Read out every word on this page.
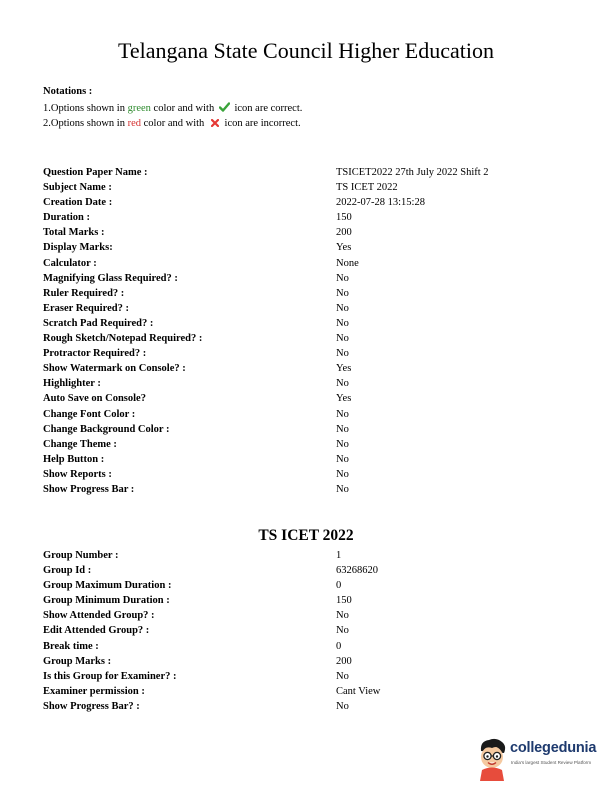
Telangana State Council Higher Education
Notations :
1.Options shown in green color and with  icon are correct.
2.Options shown in red color and with  icon are incorrect.
Question Paper Name :	TSICET2022 27th July 2022 Shift 2
Subject Name :	TS ICET 2022
Creation Date :	2022-07-28 13:15:28
Duration :	150
Total Marks :	200
Display Marks:	Yes
Calculator :	None
Magnifying Glass Required? :	No
Ruler Required? :	No
Eraser Required? :	No
Scratch Pad Required? :	No
Rough Sketch/Notepad Required? :	No
Protractor Required? :	No
Show Watermark on Console? :	Yes
Highlighter :	No
Auto Save on Console?	Yes
Change Font Color :	No
Change Background Color :	No
Change Theme :	No
Help Button :	No
Show Reports :	No
Show Progress Bar :	No
TS ICET 2022
Group Number :	1
Group Id :	63268620
Group Maximum Duration :	0
Group Minimum Duration :	150
Show Attended Group? :	No
Edit Attended Group? :	No
Break time :	0
Group Marks :	200
Is this Group for Examiner? :	No
Examiner permission :	Cant View
Show Progress Bar? :	No
collegedunia
India's largest Student Review Platform
